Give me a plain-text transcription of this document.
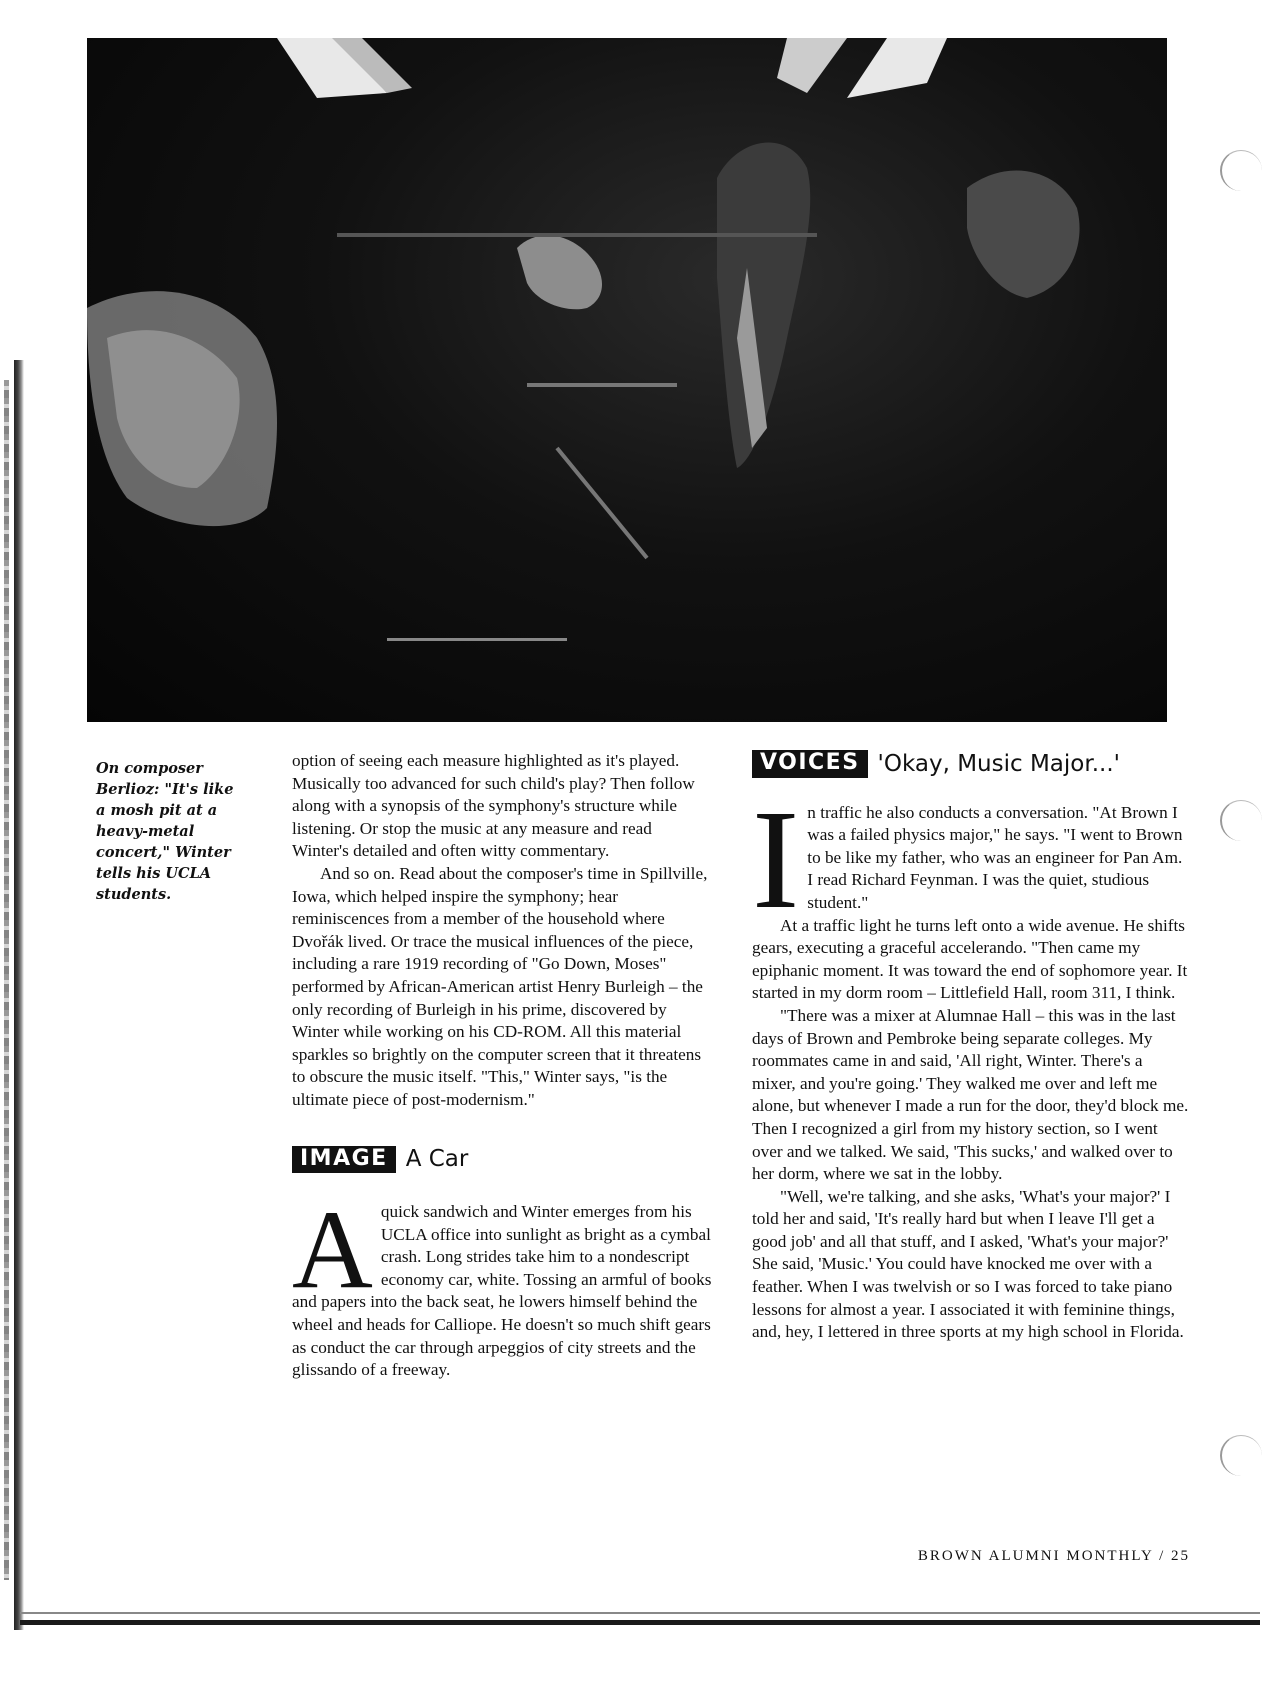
On composer Berlioz: "It's like a mosh pit at a heavy-metal concert," Winter tells his UCLA students.

option of seeing each measure highlighted as it's played. Musically too advanced for such child's play? Then follow along with a synopsis of the symphony's structure while listening. Or stop the music at any measure and read Winter's detailed and often witty commentary.

And so on. Read about the composer's time in Spillville, Iowa, which helped inspire the symphony; hear reminiscences from a member of the household where Dvořák lived. Or trace the musical influences of the piece, including a rare 1919 recording of "Go Down, Moses" performed by African-American artist Henry Burleigh – the only recording of Burleigh in his prime, discovered by Winter while working on his CD-ROM. All this material sparkles so brightly on the computer screen that it threatens to obscure the music itself. "This," Winter says, "is the ultimate piece of post-modernism."

IMAGE A Car

Aquick sandwich and Winter emerges from his UCLA office into sunlight as bright as a cymbal crash. Long strides take him to a nondescript economy car, white. Tossing an armful of books and papers into the back seat, he lowers himself behind the wheel and heads for Calliope. He doesn't so much shift gears as conduct the car through arpeggios of city streets and the glissando of a freeway.

VOICES 'Okay, Music Major...'

In traffic he also conducts a conversation. "At Brown I was a failed physics major," he says. "I went to Brown to be like my father, who was an engineer for Pan Am. I read Richard Feynman. I was the quiet, studious student."

At a traffic light he turns left onto a wide avenue. He shifts gears, executing a graceful accelerando. "Then came my epiphanic moment. It was toward the end of sophomore year. It started in my dorm room – Littlefield Hall, room 311, I think.

"There was a mixer at Alumnae Hall – this was in the last days of Brown and Pembroke being separate colleges. My roommates came in and said, 'All right, Winter. There's a mixer, and you're going.' They walked me over and left me alone, but whenever I made a run for the door, they'd block me. Then I recognized a girl from my history section, so I went over and we talked. We said, 'This sucks,' and walked over to her dorm, where we sat in the lobby.

"Well, we're talking, and she asks, 'What's your major?' I told her and said, 'It's really hard but when I leave I'll get a good job' and all that stuff, and I asked, 'What's your major?' She said, 'Music.' You could have knocked me over with a feather. When I was twelvish or so I was forced to take piano lessons for almost a year. I associated it with feminine things, and, hey, I lettered in three sports at my high school in Florida.

BROWN ALUMNI MONTHLY / 25
